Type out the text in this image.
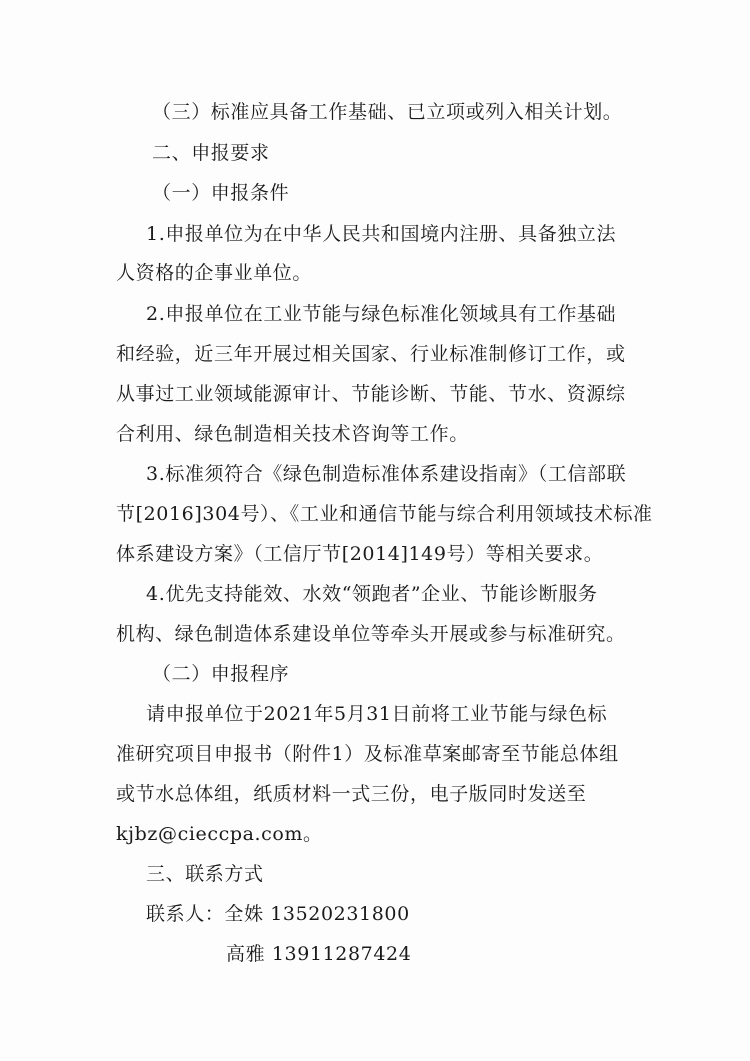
（三）标准应具备工作基础、已立项或列入相关计划。
二、申报要求
（一）申报条件
1.申报单位为在中华人民共和国境内注册、具备独立法
人资格的企事业单位。
2.申报单位在工业节能与绿色标准化领域具有工作基础
和经验，近三年开展过相关国家、行业标准制修订工作，或
从事过工业领域能源审计、节能诊断、节能、节水、资源综
合利用、绿色制造相关技术咨询等工作。
3.标准须符合《绿色制造标准体系建设指南》（工信部联
节[2016]304号）、《工业和通信节能与综合利用领域技术标准
体系建设方案》（工信厅节[2014]149号）等相关要求。
4.优先支持能效、水效“领跑者”企业、节能诊断服务
机构、绿色制造体系建设单位等牵头开展或参与标准研究。
（二）申报程序
请申报单位于2021年5月31日前将工业节能与绿色标
准研究项目申报书（附件1）及标准草案邮寄至节能总体组
或节水总体组，纸质材料一式三份，电子版同时发送至
kjbz@cieccpa.com。
三、联系方式
联系人：全姝 13520231800
高雅 13911287424
